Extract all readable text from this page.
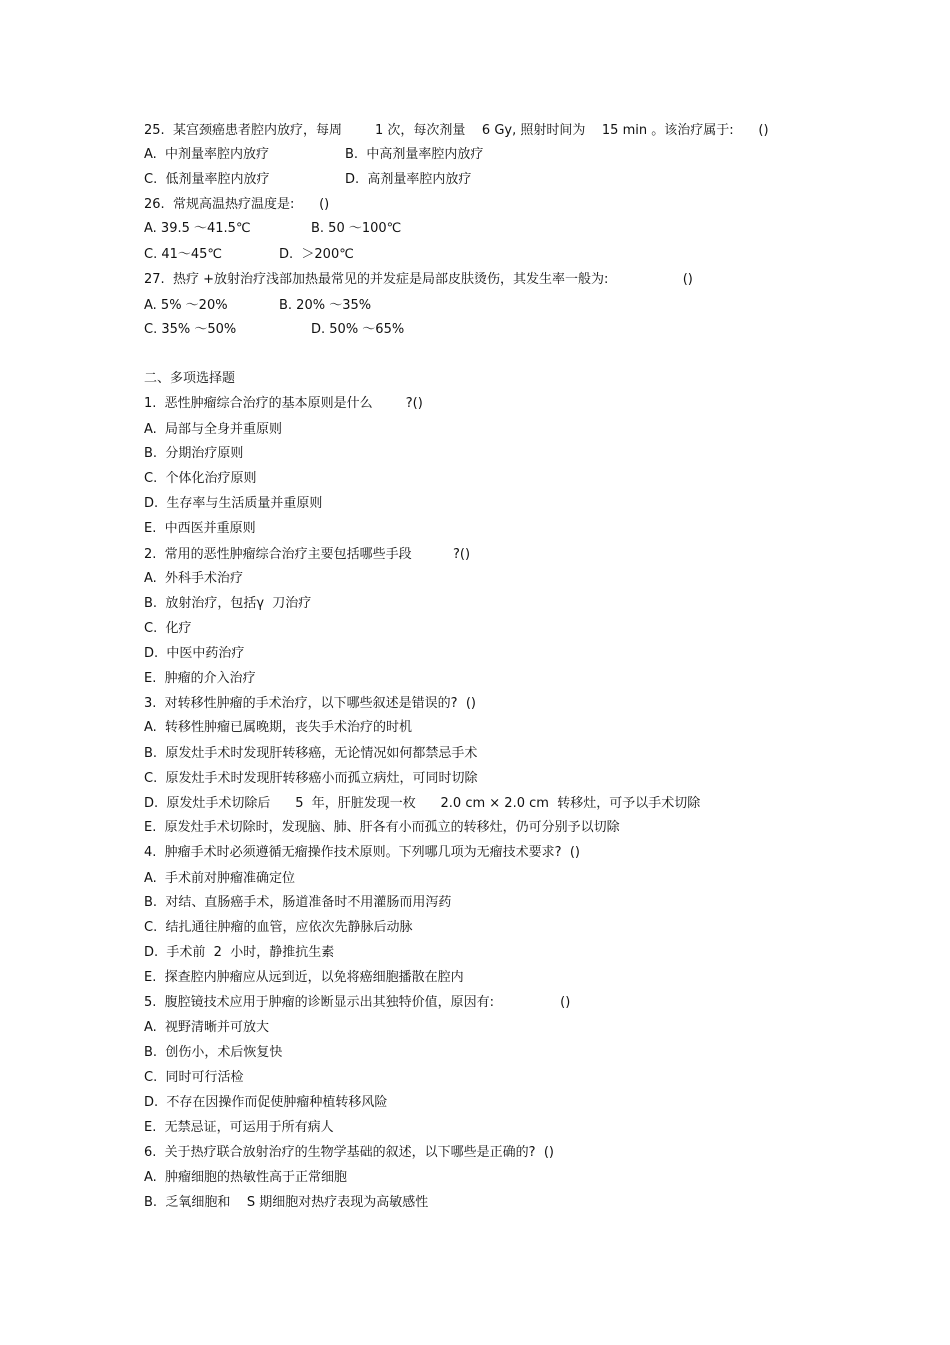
25.  某宫颈癌患者腔内放疗，每周        1 次，每次剂量    6 Gy, 照射时间为    15 min 。该治疗属于:      ()
A.  中剂量率腔内放疗	B.  中高剂量率腔内放疗
C.  低剂量率腔内放疗	D.  高剂量率腔内放疗
26.  常规高温热疗温度是:      ()
A. 39.5 ～41.5℃	B. 50 ～100℃
C. 41～45℃	D.  ＞200℃
27.  热疗 +放射治疗浅部加热最常见的并发症是局部皮肤烫伤，其发生率一般为:                  ()
A. 5% ～20%	B. 20% ～35%
C. 35% ～50%	D. 50% ～65%
二、多项选择题
1.  恶性肿瘤综合治疗的基本原则是什么        ?()
A.  局部与全身并重原则
B.  分期治疗原则
C.  个体化治疗原则
D.  生存率与生活质量并重原则
E.  中西医并重原则
2.  常用的恶性肿瘤综合治疗主要包括哪些手段          ?()
A.  外科手术治疗
B.  放射治疗，包括γ  刀治疗
C.  化疗
D.  中医中药治疗
E.  肿瘤的介入治疗
3.  对转移性肿瘤的手术治疗，以下哪些叙述是错误的?  ()
A.  转移性肿瘤已属晚期，丧失手术治疗的时机
B.  原发灶手术时发现肝转移癌，无论情况如何都禁忌手术
C.  原发灶手术时发现肝转移癌小而孤立病灶，可同时切除
D.  原发灶手术切除后      5  年，肝脏发现一枚      2.0 cm × 2.0 cm  转移灶，可予以手术切除
E.  原发灶手术切除时，发现脑、肺、肝各有小而孤立的转移灶，仍可分别予以切除
4.  肿瘤手术时必须遵循无瘤操作技术原则。下列哪几项为无瘤技术要求?  ()
A.  手术前对肿瘤准确定位
B.  对结、直肠癌手术，肠道准备时不用灌肠而用泻药
C.  结扎通往肿瘤的血管，应依次先静脉后动脉
D.  手术前  2  小时，静推抗生素
E.  探查腔内肿瘤应从远到近，以免将癌细胞播散在腔内
5.  腹腔镜技术应用于肿瘤的诊断显示出其独特价值，原因有:                ()
A.  视野清晰并可放大
B.  创伤小，术后恢复快
C.  同时可行活检
D.  不存在因操作而促使肿瘤种植转移风险
E.  无禁忌证，可运用于所有病人
6.  关于热疗联合放射治疗的生物学基础的叙述，以下哪些是正确的?  ()
A.  肿瘤细胞的热敏性高于正常细胞
B.  乏氧细胞和    S 期细胞对热疗表现为高敏感性
